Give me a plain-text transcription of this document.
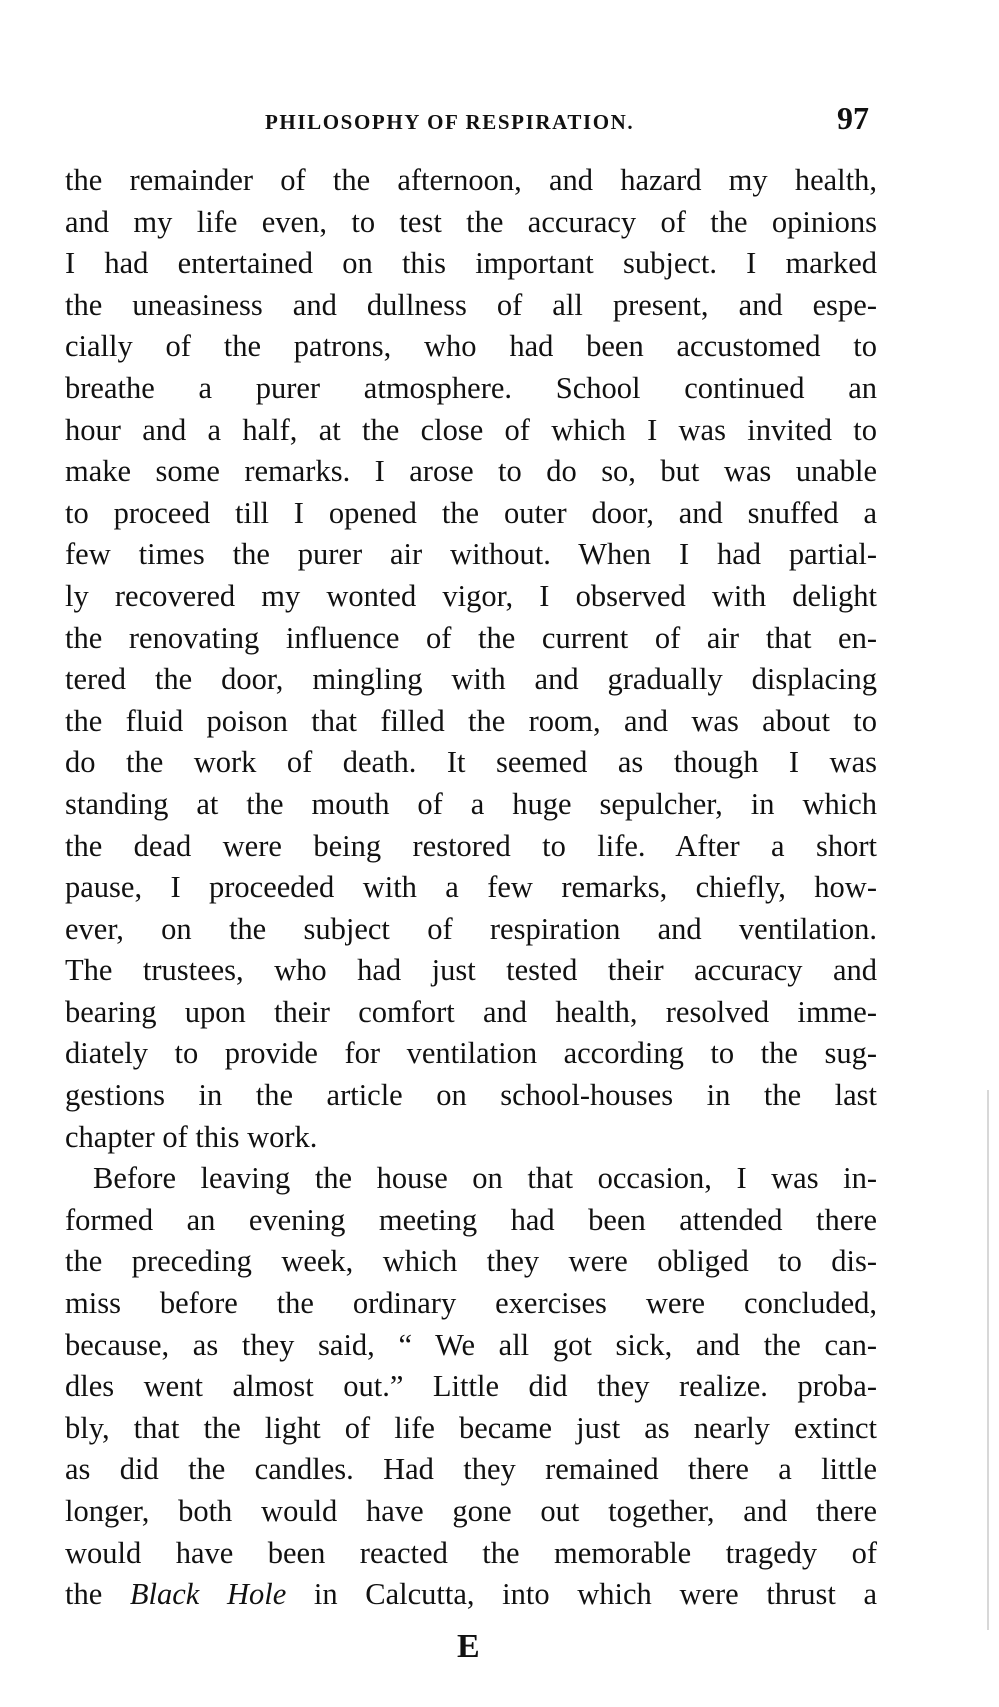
PHILOSOPHY OF RESPIRATION.	97
the remainder of the afternoon, and hazard my health,
and my life even, to test the accuracy of the opinions
I had entertained on this important subject. I marked
the uneasiness and dullness of all present, and espe-
cially of the patrons, who had been accustomed to
breathe a purer atmosphere. School continued an
hour and a half, at the close of which I was invited to
make some remarks. I arose to do so, but was unable
to proceed till I opened the outer door, and snuffed a
few times the purer air without. When I had partial-
ly recovered my wonted vigor, I observed with delight
the renovating influence of the current of air that en-
tered the door, mingling with and gradually displacing
the fluid poison that filled the room, and was about to
do the work of death. It seemed as though I was
standing at the mouth of a huge sepulcher, in which
the dead were being restored to life. After a short
pause, I proceeded with a few remarks, chiefly, how-
ever, on the subject of respiration and ventilation.
The trustees, who had just tested their accuracy and
bearing upon their comfort and health, resolved imme-
diately to provide for ventilation according to the sug-
gestions in the article on school-houses in the last
chapter of this work.
Before leaving the house on that occasion, I was in-
formed an evening meeting had been attended there
the preceding week, which they were obliged to dis-
miss before the ordinary exercises were concluded,
because, as they said, “ We all got sick, and the can-
dles went almost out.” Little did they realize. proba-
bly, that the light of life became just as nearly extinct
as did the candles. Had they remained there a little
longer, both would have gone out together, and there
would have been reacted the memorable tragedy of
the Black Hole in Calcutta, into which were thrust a
E
